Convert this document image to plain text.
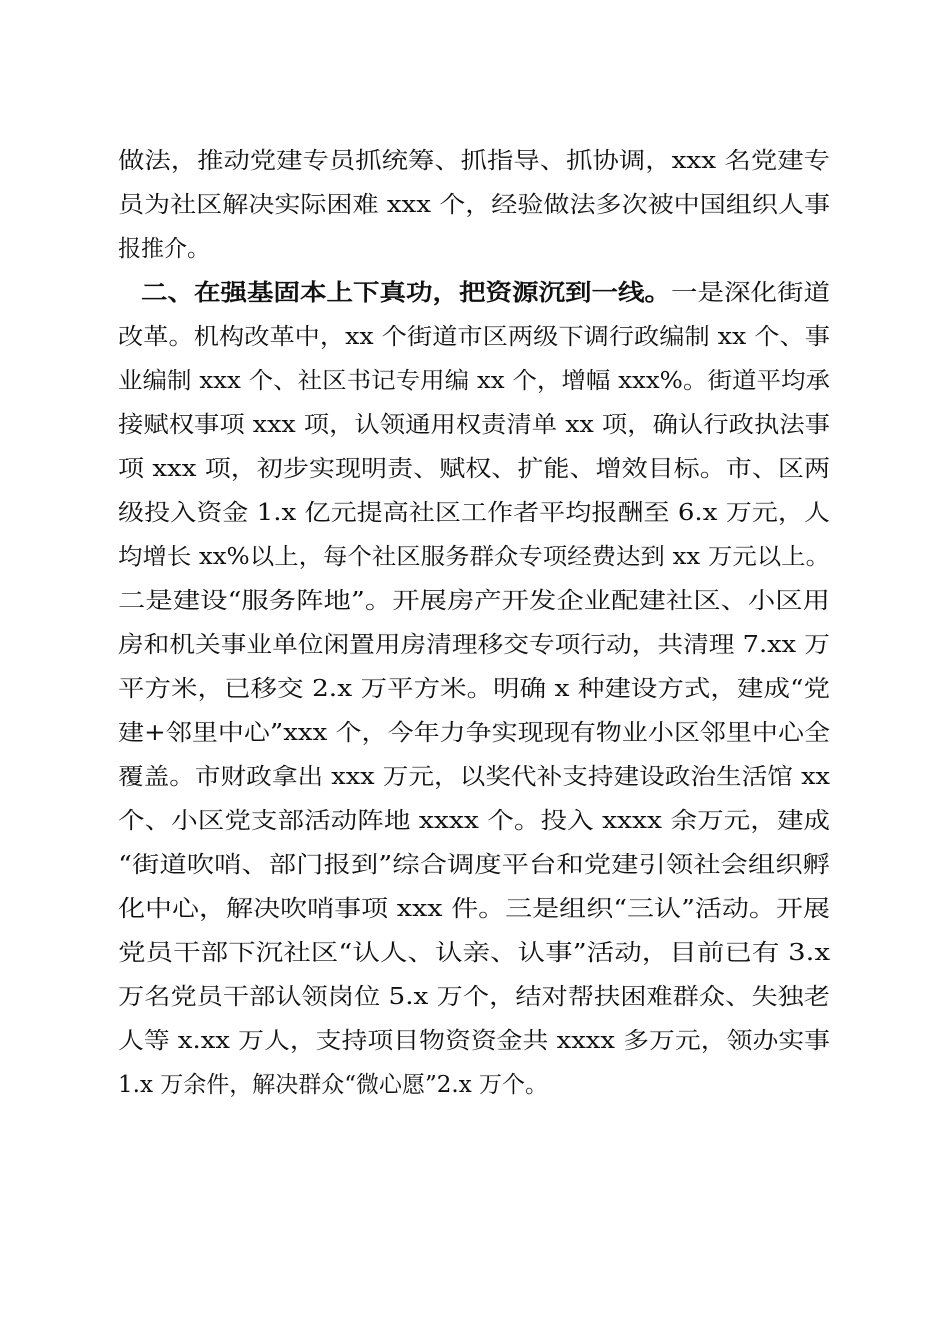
做法，推动党建专员抓统筹、抓指导、抓协调，xxx 名党建专
员为社区解决实际困难 xxx 个，经验做法多次被中国组织人事
报推介。
二、在强基固本上下真功，把资源沉到一线。一是深化街道
改革。机构改革中，xx 个街道市区两级下调行政编制 xx 个、事
业编制 xxx 个、社区书记专用编 xx 个，增幅 xxx%。街道平均承
接赋权事项 xxx 项，认领通用权责清单 xx 项，确认行政执法事
项 xxx 项，初步实现明责、赋权、扩能、增效目标。市、区两
级投入资金 1.x 亿元提高社区工作者平均报酬至 6.x 万元，人
均增长 xx%以上，每个社区服务群众专项经费达到 xx 万元以上。
二是建设“服务阵地”。开展房产开发企业配建社区、小区用
房和机关事业单位闲置用房清理移交专项行动，共清理 7.xx 万
平方米，已移交 2.x 万平方米。明确 x 种建设方式，建成“党
建+邻里中心”xxx 个，今年力争实现现有物业小区邻里中心全
覆盖。市财政拿出 xxx 万元，以奖代补支持建设政治生活馆 xx
个、小区党支部活动阵地 xxxx 个。投入 xxxx 余万元，建成
“街道吹哨、部门报到”综合调度平台和党建引领社会组织孵
化中心，解决吹哨事项 xxx 件。三是组织“三认”活动。开展
党员干部下沉社区“认人、认亲、认事”活动，目前已有 3.x
万名党员干部认领岗位 5.x 万个，结对帮扶困难群众、失独老
人等 x.xx 万人，支持项目物资资金共 xxxx 多万元，领办实事
1.x 万余件，解决群众“微心愿”2.x 万个。
